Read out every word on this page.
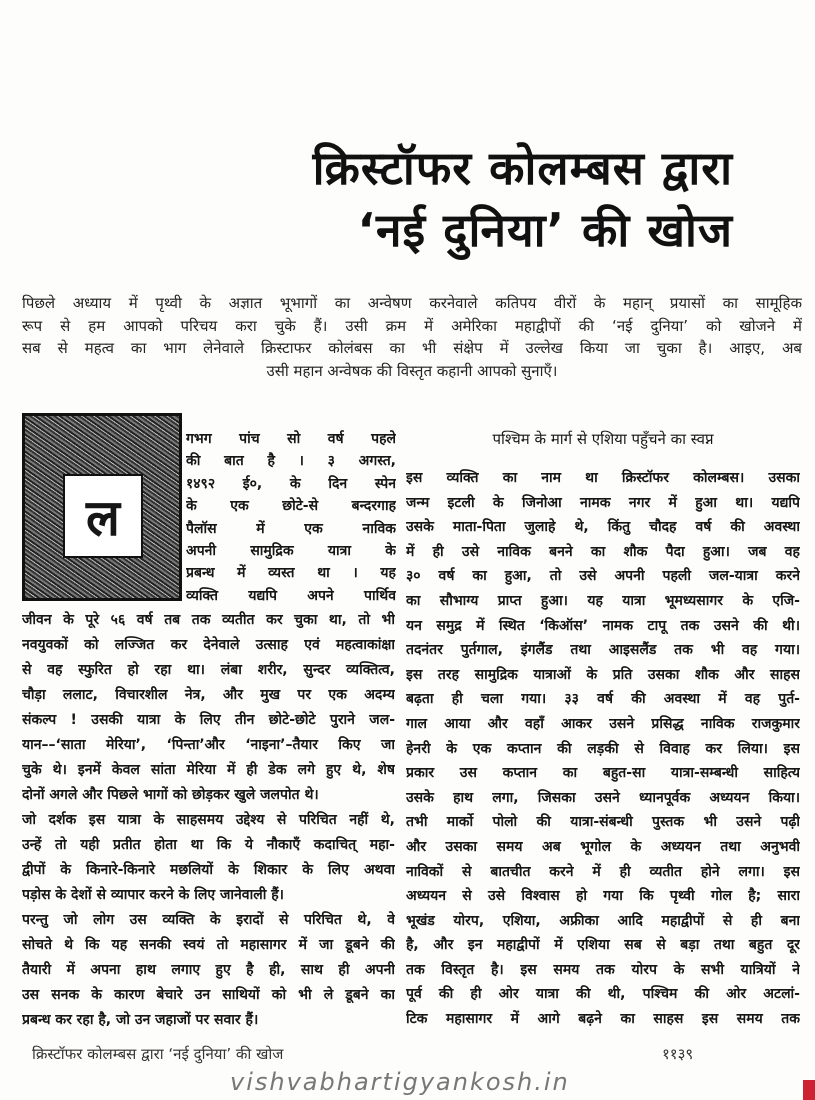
क्रिस्टॉफर कोलम्बस द्वारा
‘नई दुनिया’ की खोज
पिछले अध्याय में पृथ्वी के अज्ञात भूभागों का अन्वेषण करनेवाले कतिपय वीरों के महान् प्रयासों का सामूहिक
रूप से हम आपको परिचय करा चुके हैं। उसी क्रम में अमेरिका महाद्वीपों की ‘नई दुनिया’ को खोजने में
सब से महत्व का भाग लेनेवाले क्रिस्टाफर कोलंबस का भी संक्षेप में उल्लेख किया जा चुका है। आइए, अब
उसी महान अन्वेषक की विस्तृत कहानी आपको सुनाएँ।
ल
गभग पांच सो वर्ष पहले
की बात है । ३ अगस्त,
१४९२ ई०, के दिन स्पेन
के एक छोटे-से बन्दरगाह
पैलॉस में एक नाविक
अपनी सामुद्रिक यात्रा के
प्रबन्ध में व्यस्त था । यह
व्यक्ति यद्यपि अपने पार्थिव
जीवन के पूरे ५६ वर्ष तब तक व्यतीत कर चुका था, तो भी
नवयुवकों को लज्जित कर देनेवाले उत्साह एवं महत्वाकांक्षा
से वह स्फुरित हो रहा था। लंबा शरीर, सुन्दर व्यक्तित्व,
चौड़ा ललाट, विचारशील नेत्र, और मुख पर एक अदम्य
संकल्प ! उसकी यात्रा के लिए तीन छोटे-छोटे पुराने जल-
यान––‘साता मेरिया’, ‘पिन्ता’और ‘नाइना’–तैयार किए जा
चुके थे। इनमें केवल सांता मेरिया में ही डेक लगे हुए थे, शेष
दोनों अगले और पिछले भागों को छोड़कर खुले जलपोत थे।
जो दर्शक इस यात्रा के साहसमय उद्देश्य से परिचित नहीं थे,
उन्हें तो यही प्रतीत होता था कि ये नौकाएँ कदाचित् महा-
द्वीपों के किनारे-किनारे मछलियों के शिकार के लिए अथवा
पड़ोस के देशों से व्यापार करने के लिए जानेवाली हैं।
परन्तु जो लोग उस व्यक्ति के इरादों से परिचित थे, वे
सोचते थे कि यह सनकी स्वयं तो महासागर में जा डूबने की
तैयारी में अपना हाथ लगाए हुए है ही, साथ ही अपनी
उस सनक के कारण बेचारे उन साथियों को भी ले डूबने का
प्रबन्ध कर रहा है, जो उन जहाजों पर सवार हैं।
पश्चिम के मार्ग से एशिया पहुँचने का स्वप्न
इस व्यक्ति का नाम था क्रिस्टॉफर कोलम्बस। उसका
जन्म इटली के जिनोआ नामक नगर में हुआ था। यद्यपि
उसके माता-पिता जुलाहे थे, किंतु चौदह वर्ष की अवस्था
में ही उसे नाविक बनने का शौक पैदा हुआ। जब वह
३० वर्ष का हुआ, तो उसे अपनी पहली जल-यात्रा करने
का सौभाग्य प्राप्त हुआ। यह यात्रा भूमध्यसागर के एजि-
यन समुद्र में स्थित ‘किऑस’ नामक टापू तक उसने की थी।
तदनंतर पुर्तगाल, इंगलैंड तथा आइसलैंड तक भी वह गया।
इस तरह सामुद्रिक यात्राओं के प्रति उसका शौक और साहस
बढ़ता ही चला गया। ३३ वर्ष की अवस्था में वह पुर्त-
गाल आया और वहाँ आकर उसने प्रसिद्ध नाविक राजकुमार
हेनरी के एक कप्तान की लड़की से विवाह कर लिया। इस
प्रकार उस कप्तान का बहुत-सा यात्रा-सम्बन्धी साहित्य
उसके हाथ लगा, जिसका उसने ध्यानपूर्वक अध्ययन किया।
तभी मार्को पोलो की यात्रा-संबन्धी पुस्तक भी उसने पढ़ी
और उसका समय अब भूगोल के अध्ययन तथा अनुभवी
नाविकों से बातचीत करने में ही व्यतीत होने लगा। इस
अध्ययन से उसे विश्वास हो गया कि पृथ्वी गोल है; सारा
भूखंड योरप, एशिया, अफ्रीका आदि महाद्वीपों से ही बना
है, और इन महाद्वीपों में एशिया सब से बड़ा तथा बहुत दूर
तक विस्तृत है। इस समय तक योरप के सभी यात्रियों ने
पूर्व की ही ओर यात्रा की थी, पश्चिम की ओर अटलां-
टिक महासागर में आगे बढ़ने का साहस इस समय तक
क्रिस्टॉफर कोलम्बस द्वारा ‘नई दुनिया’ की खोज	११३९
vishvabhartigyankosh.in
